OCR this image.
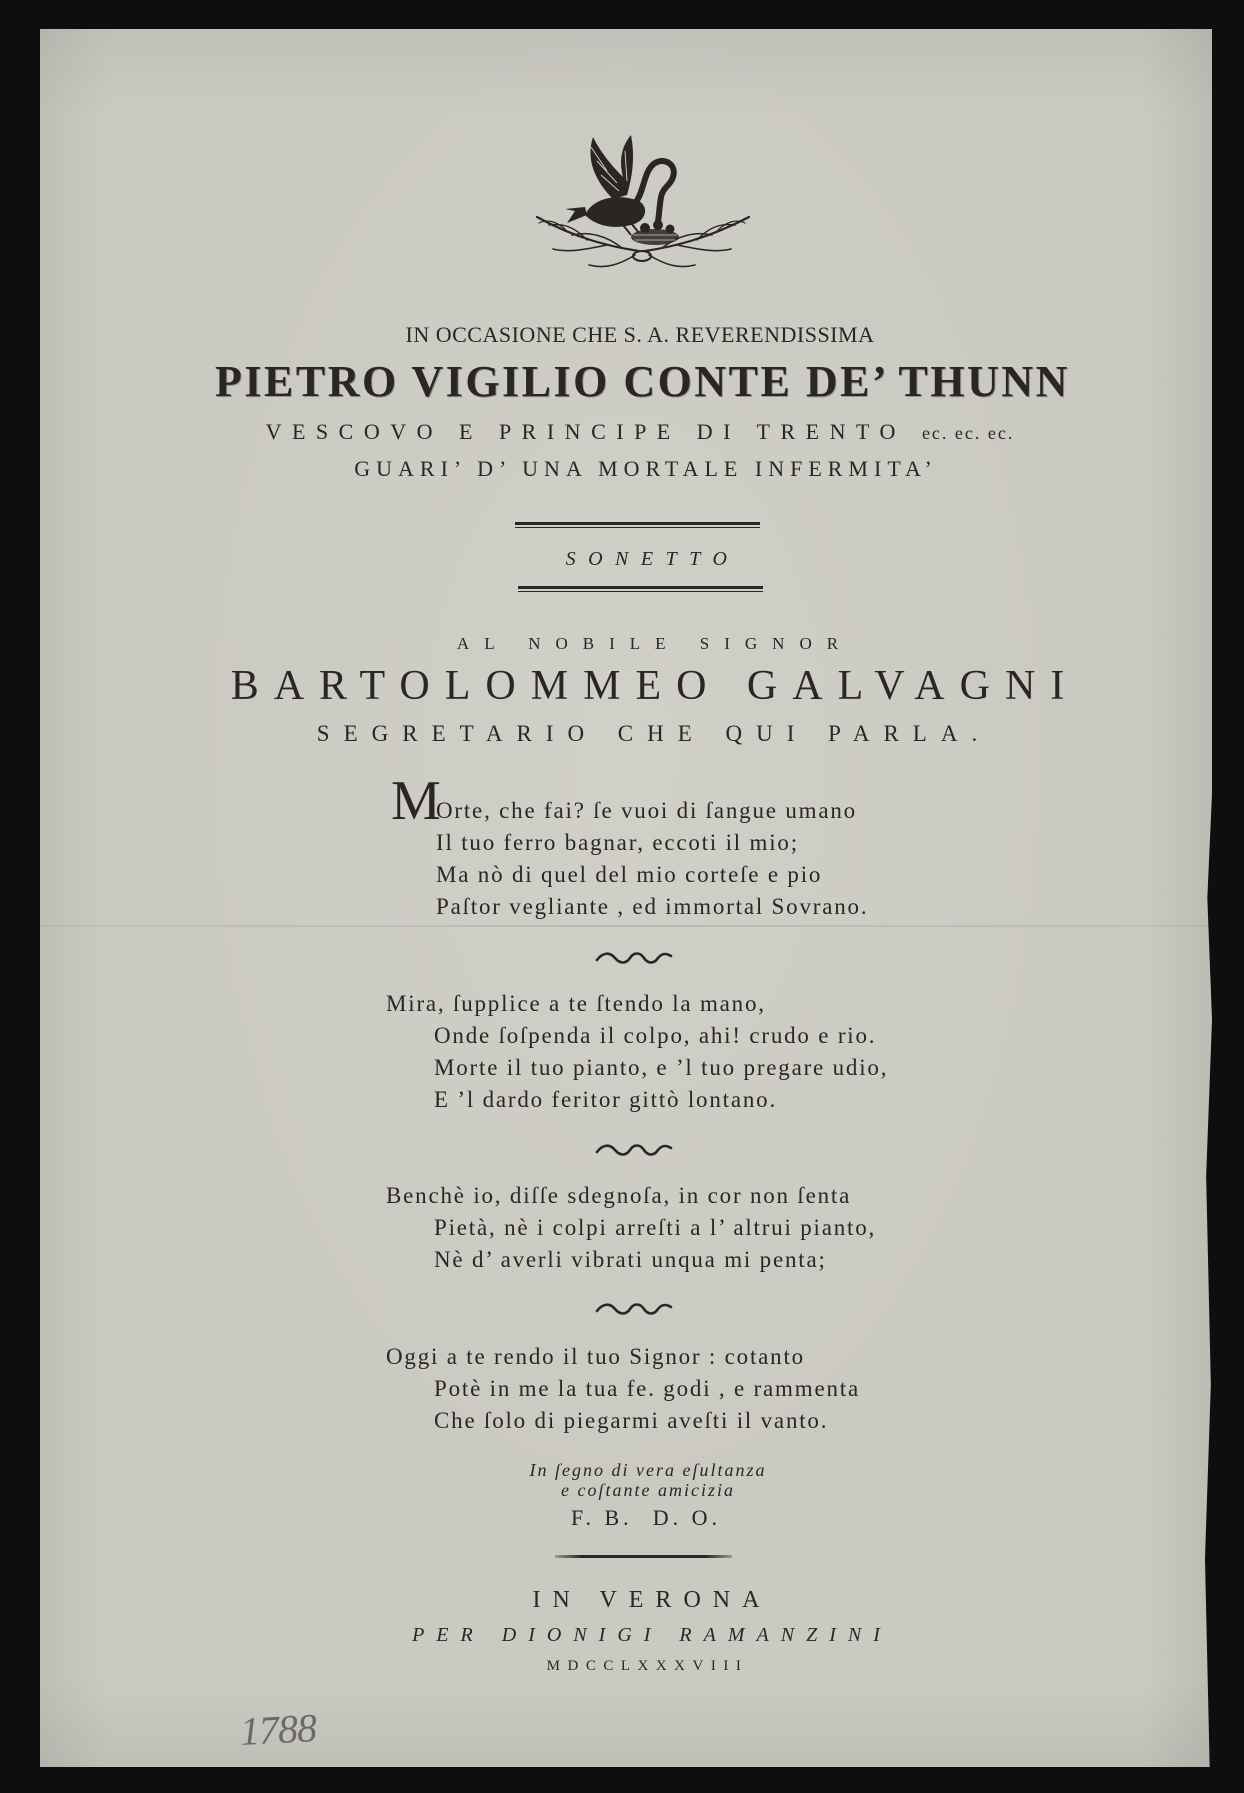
IN OCCASIONE CHE S. A. REVERENDISSIMA
PIETRO VIGILIO CONTE DE’ THUNN
VESCOVO E PRINCIPE DI TRENTO ec. ec. ec.
GUARI’ D’ UNA MORTALE INFERMITA’
SONETTO
AL NOBILE SIGNOR
BARTOLOMMEO GALVAGNI
SEGRETARIO CHE QUI PARLA.
M
Orte, che fai? ſe vuoi di ſangue umano
Il tuo ferro bagnar, eccoti il mio;
Ma nò di quel del mio corteſe e pio
Paſtor vegliante , ed immortal Sovrano.
Mira, ſupplice a te ſtendo la mano,
Onde ſoſpenda il colpo, ahi! crudo e rio.
Morte il tuo pianto, e ’l tuo pregare udio,
E ’l dardo feritor gittò lontano.
Benchè io, diſſe sdegnoſa, in cor non ſenta
Pietà, nè i colpi arreſti a l’ altrui pianto,
Nè d’ averli vibrati unqua mi penta;
Oggi a te rendo il tuo Signor : cotanto
Potè in me la tua fe. godi , e rammenta
Che ſolo di piegarmi aveſti il vanto.
In ſegno di vera eſultanza
e coſtante amicizia
F. B. D. O.
IN VERONA
PER DIONIGI RAMANZINI
MDCCLXXXVIII
1788
